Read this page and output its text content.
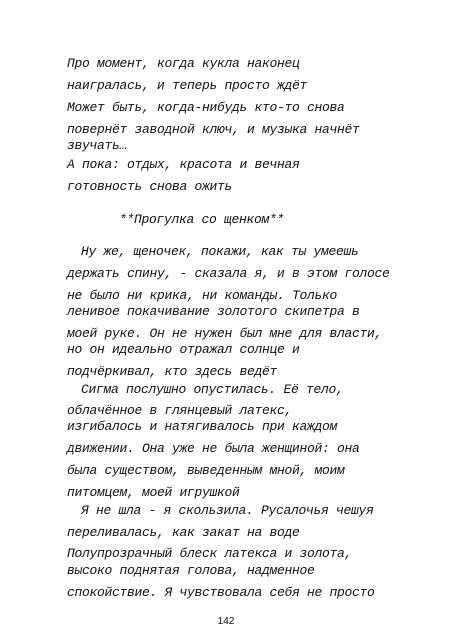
Про момент, когда кукла наконец
наигралась, и теперь просто ждёт
Может быть, когда-нибудь кто-то снова
повернёт заводной ключ, и музыка начнёт
звучать…
А пока: отдых, красота и вечная
готовность снова ожить
**Прогулка со щенком**
Ну же, щеночек, покажи, как ты умеешь
держать спину, - сказала я, и в этом голосе
не было ни крика, ни команды. Только
ленивое покачивание золотого скипетра в
моей руке. Он не нужен был мне для власти,
но он идеально отражал солнце и
подчёркивал, кто здесь ведёт
Сигма послушно опустилась. Её тело,
облачённое в глянцевый латекс,
изгибалось и натягивалось при каждом
движении. Она уже не была женщиной: она
была существом, выведенным мной, моим
питомцем, моей игрушкой
Я не шла - я скользила. Русалочья чешуя
переливалась, как закат на воде
Полупрозрачный блеск латекса и золота,
высоко поднятая голова, надменное
спокойствие. Я чувствовала себя не просто
142
